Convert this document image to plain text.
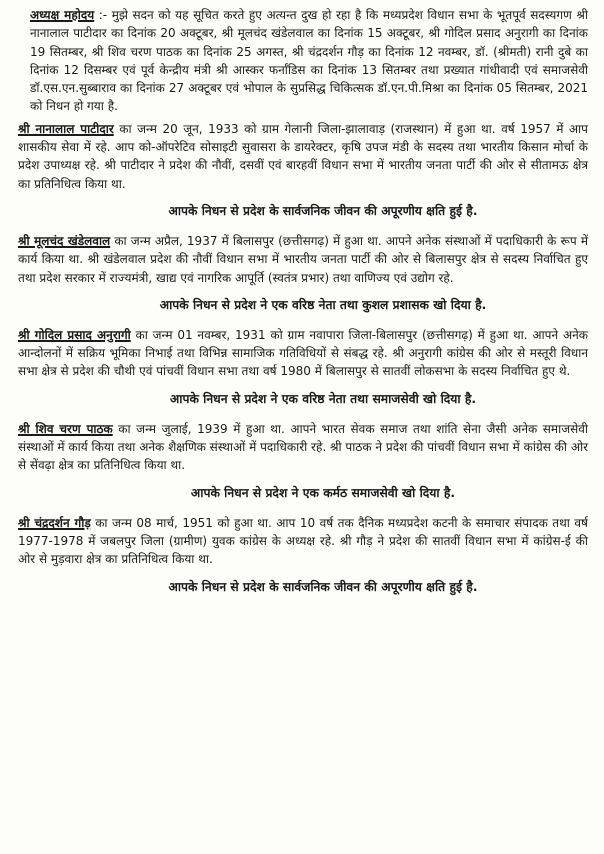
अध्यक्ष महोदय :- मुझे सदन को यह सूचित करते हुए अत्यन्त दुख हो रहा है कि मध्यप्रदेश विधान सभा के भूतपूर्व सदस्यगण श्री नानालाल पाटीदार का दिनांक 20 अक्टूबर, श्री मूलचंद खंडेलवाल का दिनांक 15 अक्टूबर, श्री गोदिल प्रसाद अनुरागी का दिनांक 19 सितम्बर, श्री शिव चरण पाठक का दिनांक 25 अगस्त, श्री चंद्रदर्शन गौड़ का दिनांक 12 नवम्बर, डॉ. (श्रीमती) रानी दुबे का दिनांक 12 दिसम्बर एवं पूर्व केन्द्रीय मंत्री श्री आस्कर फर्नांडिस का दिनांक 13 सितम्बर तथा प्रख्यात गांधीवादी एवं समाजसेवी डॉ.एस.एन.सुब्बाराव का दिनांक 27 अक्टूबर एवं भोपाल के सुप्रसिद्ध चिकित्सक डॉ.एन.पी.मिश्रा का दिनांक 05 सितम्बर, 2021 को निधन हो गया है.

श्री नानालाल पाटीदार का जन्म 20 जून, 1933 को ग्राम गेलानी जिला-झालावाड़ (राजस्थान) में हुआ था. वर्ष 1957 में आप शासकीय सेवा में रहे. आप को-ऑपरेटिव सोसाइटी सुवासरा के डायरेक्टर, कृषि उपज मंडी के सदस्य तथा भारतीय किसान मोर्चा के प्रदेश उपाध्यक्ष रहे. श्री पाटीदार ने प्रदेश की नौवीं, दसवीं एवं बारहवीं विधान सभा में भारतीय जनता पार्टी की ओर से सीतामऊ क्षेत्र का प्रतिनिधित्व किया था.

आपके निधन से प्रदेश के सार्वजनिक जीवन की अपूरणीय क्षति हुई है.

श्री मूलचंद खंडेलवाल का जन्म अप्रैल, 1937 में बिलासपुर (छत्तीसगढ़) में हुआ था. आपने अनेक संस्थाओं में पदाधिकारी के रूप में कार्य किया था. श्री खंडेलवाल प्रदेश की नौवीं विधान सभा में भारतीय जनता पार्टी की ओर से बिलासपुर क्षेत्र से सदस्य निर्वाचित हुए तथा प्रदेश सरकार में राज्यमंत्री, खाद्य एवं नागरिक आपूर्ति (स्वतंत्र प्रभार) तथा वाणिज्य एवं उद्योग रहे.

आपके निधन से प्रदेश ने एक वरिष्ठ नेता तथा कुशल प्रशासक खो दिया है.

श्री गोदिल प्रसाद अनुरागी का जन्म 01 नवम्बर, 1931 को ग्राम नवापारा जिला-बिलासपुर (छत्तीसगढ़) में हुआ था. आपने अनेक आन्दोलनों में सक्रिय भूमिका निभाई तथा विभिन्न सामाजिक गतिविधियों से संबद्ध रहे. श्री अनुरागी कांग्रेस की ओर से मस्तूरी विधान सभा क्षेत्र से प्रदेश की चौथी एवं पांचवीं विधान सभा तथा वर्ष 1980 में बिलासपुर से सातवीं लोकसभा के सदस्य निर्वाचित हुए थे.

आपके निधन से प्रदेश ने एक वरिष्ठ नेता तथा समाजसेवी खो दिया है.

श्री शिव चरण पाठक का जन्म जुलाई, 1939 में हुआ था. आपने भारत सेवक समाज तथा शांति सेना जैसी अनेक समाजसेवी संस्थाओं में कार्य किया तथा अनेक शैक्षणिक संस्थाओं में पदाधिकारी रहे. श्री पाठक ने प्रदेश की पांचवीं विधान सभा में कांग्रेस की ओर से सेंवढ़ा क्षेत्र का प्रतिनिधित्व किया था.

आपके निधन से प्रदेश ने एक कर्मठ समाजसेवी खो दिया है.

श्री चंद्रदर्शन गौड़ का जन्म 08 मार्च, 1951 को हुआ था. आप 10 वर्ष तक दैनिक मध्यप्रदेश कटनी के समाचार संपादक तथा वर्ष 1977-1978 में जबलपुर जिला (ग्रामीण) युवक कांग्रेस के अध्यक्ष रहे. श्री गौड़ ने प्रदेश की सातवीं विधान सभा में कांग्रेस-ई की ओर से मुड़वारा क्षेत्र का प्रतिनिधित्व किया था.

आपके निधन से प्रदेश के सार्वजनिक जीवन की अपूरणीय क्षति हुई है.
